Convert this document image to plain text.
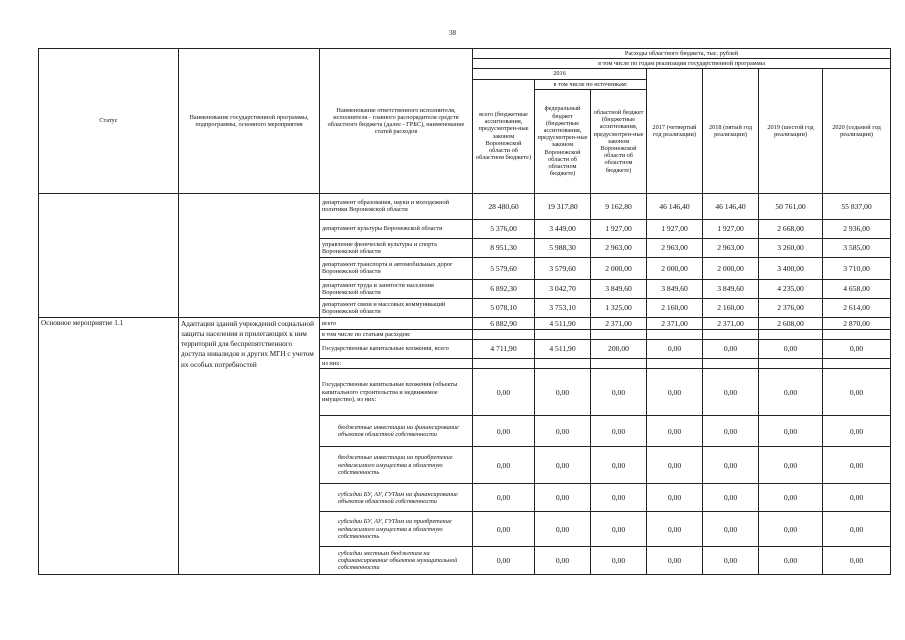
38
Статус	Наименование государственной программы, подпрограммы, основного мероприятия	Наименование ответственного исполнителя, исполнителя - главного распорядителя средств областного бюджета (далее - ГРБС), наименование статей расходов	Расходы областного бюджета, тыс. рублей						
			в том числе по годам реализации государственной программы						
			2016			2017 (четвертый год реализации)	2018 (пятый год реализации)	2019 (шестой год реализации)	2020 (седьмой год реализации)
			всего (бюджетные ассигнования, предусмотрен-ные законом Воронежской области об областном бюджете)	в том числе по источникам:					
				федеральный бюджет (бюджетные ассигнования, предусмотрен-ные законом Воронежской области об областном бюджете)	областной бюджет (бюджетные ассигнования, предусмотрен-ные законом Воронежской области об областном бюджете)				
		департамент образования, науки и молодежной политики Воронежской области	28 480,60	19 317,80	9 162,80	46 146,40	46 146,40	50 761,00	55 837,00
		департамент культуры Воронежской области	5 376,00	3 449,00	1 927,00	1 927,00	1 927,00	2 668,00	2 936,00
		управление физической культуры и спорта Воронежской области	8 951,30	5 988,30	2 963,00	2 963,00	2 963,00	3 260,00	3 585,00
		департамент транспорта и автомобильных дорог Воронежской области	5 579,60	3 579,60	2 000,00	2 000,00	2 000,00	3 400,00	3 710,00
		департамент труда и занятости населения Воронежской области	6 892,30	3 042,70	3 849,60	3 849,60	3 849,60	4 235,00	4 658,00
		департамент связи и массовых коммуникаций Воронежской области	5 078,10	3 753,10	1 325,00	2 160,00	2 160,00	2 376,00	2 614,00
Основное мероприятие 1.1	Адаптация зданий учреждений социальной защиты населения и прилегающих к ним территорий для беспрепятственного доступа инвалидов и других МГН с учетом их особых потребностей	всего	6 882,90	4 511,90	2 371,00	2 371,00	2 371,00	2 608,00	2 870,00
		в том числе по статьям расходов:							
		Государственные капитальные вложения, всего	4 711,90	4 511,90	200,00	0,00	0,00	0,00	0,00
		из них:							
		Государственные капитальные вложения (объекты капитального строительства и недвижимое имущество), из них:	0,00	0,00	0,00	0,00	0,00	0,00	0,00
		бюджетные инвестиции на финансирование объектов областной собственности	0,00	0,00	0,00	0,00	0,00	0,00	0,00
		бюджетные инвестиции на приобретение недвижимого имущества в областную собственность	0,00	0,00	0,00	0,00	0,00	0,00	0,00
		субсидии БУ, АУ, ГУПам на финансирование объектов областной собственности	0,00	0,00	0,00	0,00	0,00	0,00	0,00
		субсидии БУ, АУ, ГУПам на приобретение недвижимого имущества в областную собственность	0,00	0,00	0,00	0,00	0,00	0,00	0,00
		субсидии местным бюджетам на софинансирование объектов муниципальной собственности	0,00	0,00	0,00	0,00	0,00	0,00	0,00
